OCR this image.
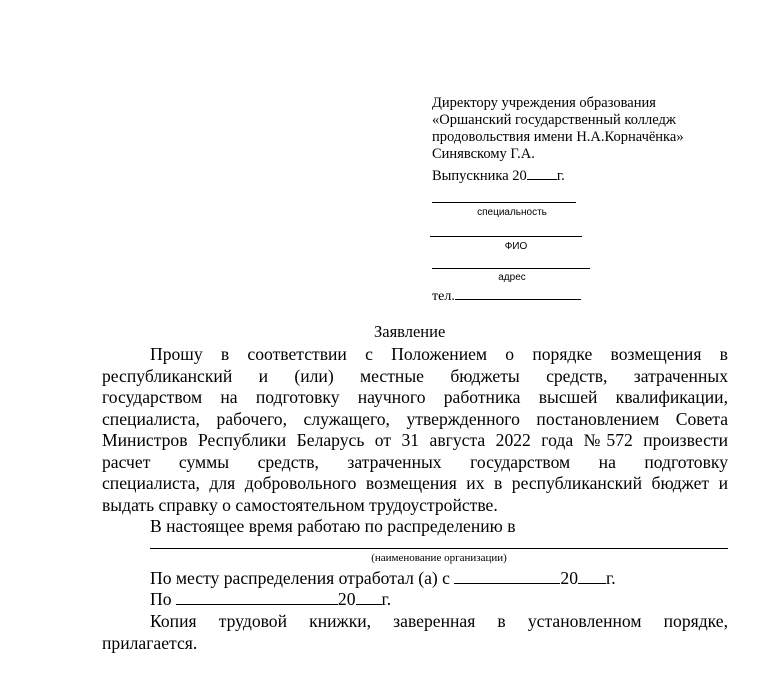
Директору учреждения образования
«Оршанский государственный колледж
продовольствия имени Н.А.Корначёнка»
Синявскому Г.А.
Выпускника 20 г.
специальность
ФИО
адрес
тел.
Заявление
Прошу в соответствии с Положением о порядке возмещения в
республиканский и (или) местные бюджеты средств, затраченных
государством на подготовку научного работника высшей квалификации,
специалиста, рабочего, служащего, утвержденного постановлением Совета
Министров Республики Беларусь от 31 августа 2022 года №572 произвести
расчет суммы средств, затраченных государством на подготовку
специалиста, для добровольного возмещения их в республиканский бюджет и
выдать справку о самостоятельном трудоустройстве.
В настоящее время работаю по распределению в
(наименование организации)
По месту распределения отработал (а) с	20 г.
По	20 г.
Копия трудовой книжки, заверенная в установленном порядке,
прилагается.
